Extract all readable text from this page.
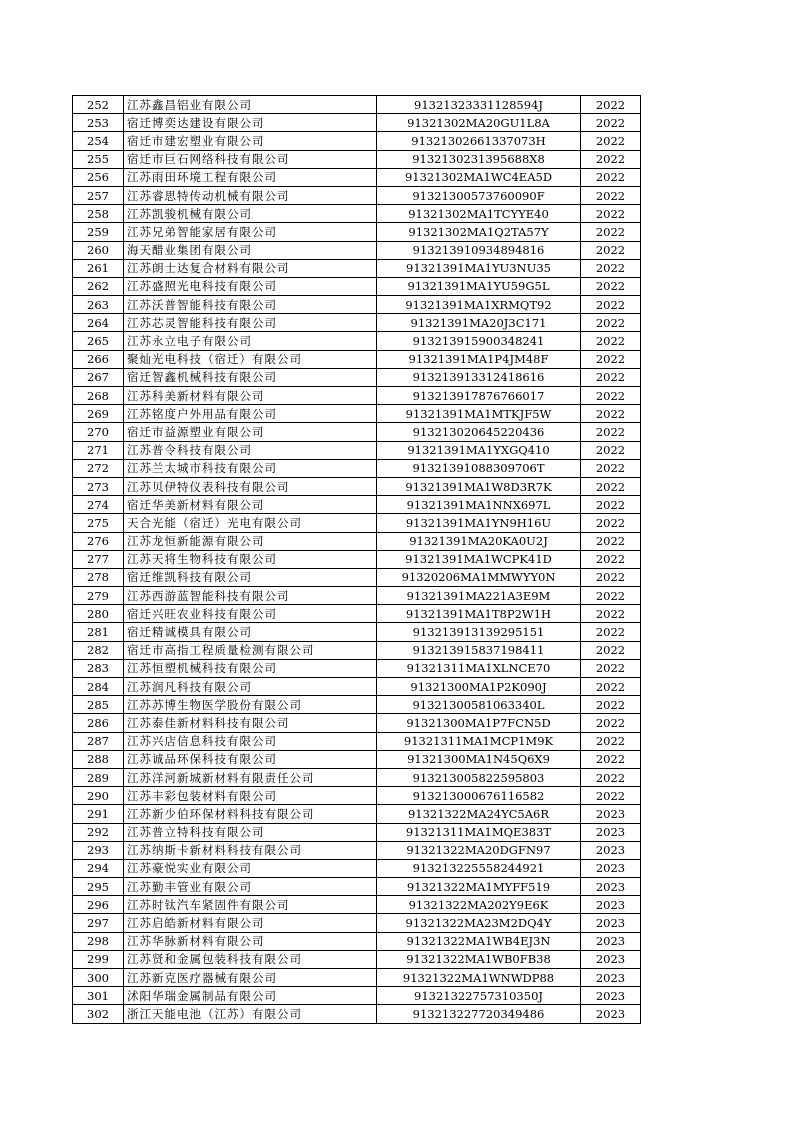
252	江苏鑫昌铝业有限公司	91321323331128594J	2022
253	宿迁博奕达建设有限公司	91321302MA20GU1L8A	2022
254	宿迁市建宏塑业有限公司	91321302661337073H	2022
255	宿迁市巨石网络科技有限公司	9132130231395688X8	2022
256	江苏雨田环境工程有限公司	91321302MA1WC4EA5D	2022
257	江苏睿思特传动机械有限公司	91321300573760090F	2022
258	江苏凯骏机械有限公司	91321302MA1TCYYE40	2022
259	江苏兄弟智能家居有限公司	91321302MA1Q2TA57Y	2022
260	海天醋业集团有限公司	913213910934894816	2022
261	江苏朗士达复合材料有限公司	91321391MA1YU3NU35	2022
262	江苏盛照光电科技有限公司	91321391MA1YU59G5L	2022
263	江苏沃普智能科技有限公司	91321391MA1XRMQT92	2022
264	江苏芯灵智能科技有限公司	91321391MA20J3C171	2022
265	江苏永立电子有限公司	913213915900348241	2022
266	聚灿光电科技（宿迁）有限公司	91321391MA1P4JM48F	2022
267	宿迁智鑫机械科技有限公司	913213913312418616	2022
268	江苏科美新材料有限公司	913213917876766017	2022
269	江苏铭度户外用品有限公司	91321391MA1MTKJF5W	2022
270	宿迁市益源塑业有限公司	913213020645220436	2022
271	江苏普令科技有限公司	91321391MA1YXGQ410	2022
272	江苏兰太城市科技有限公司	91321391088309706T	2022
273	江苏贝伊特仪表科技有限公司	91321391MA1W8D3R7K	2022
274	宿迁华美新材料有限公司	91321391MA1NNX697L	2022
275	天合光能（宿迁）光电有限公司	91321391MA1YN9H16U	2022
276	江苏龙恒新能源有限公司	91321391MA20KA0U2J	2022
277	江苏天将生物科技有限公司	91321391MA1WCPK41D	2022
278	宿迁维凯科技有限公司	91320206MA1MMWYY0N	2022
279	江苏西游蓝智能科技有限公司	91321391MA221A3E9M	2022
280	宿迁兴旺农业科技有限公司	91321391MA1T8P2W1H	2022
281	宿迁精诚模具有限公司	913213913139295151	2022
282	宿迁市高指工程质量检测有限公司	913213915837198411	2022
283	江苏恒塑机械科技有限公司	91321311MA1XLNCE70	2022
284	江苏润凡科技有限公司	91321300MA1P2K090J	2022
285	江苏苏博生物医学股份有限公司	91321300581063340L	2022
286	江苏泰佳新材料科技有限公司	91321300MA1P7FCN5D	2022
287	江苏兴店信息科技有限公司	91321311MA1MCP1M9K	2022
288	江苏诚品环保科技有限公司	91321300MA1N45Q6X9	2022
289	江苏洋河新城新材料有限责任公司	913213005822595803	2022
290	江苏丰彩包装材料有限公司	913213000676116582	2022
291	江苏新少伯环保材料科技有限公司	91321322MA24YC5A6R	2023
292	江苏普立特科技有限公司	91321311MA1MQE383T	2023
293	江苏纳斯卡新材料科技有限公司	91321322MA20DGFN97	2023
294	江苏豪悦实业有限公司	913213225558244921	2023
295	江苏勤丰管业有限公司	91321322MA1MYFF519	2023
296	江苏时钛汽车紧固件有限公司	91321322MA202Y9E6K	2023
297	江苏启皓新材料有限公司	91321322MA23M2DQ4Y	2023
298	江苏华脉新材料有限公司	91321322MA1WB4EJ3N	2023
299	江苏贤和金属包装科技有限公司	91321322MA1WB0FB38	2023
300	江苏新克医疗器械有限公司	91321322MA1WNWDP88	2023
301	沭阳华瑞金属制品有限公司	91321322757310350J	2023
302	浙江天能电池（江苏）有限公司	913213227720349486	2023
